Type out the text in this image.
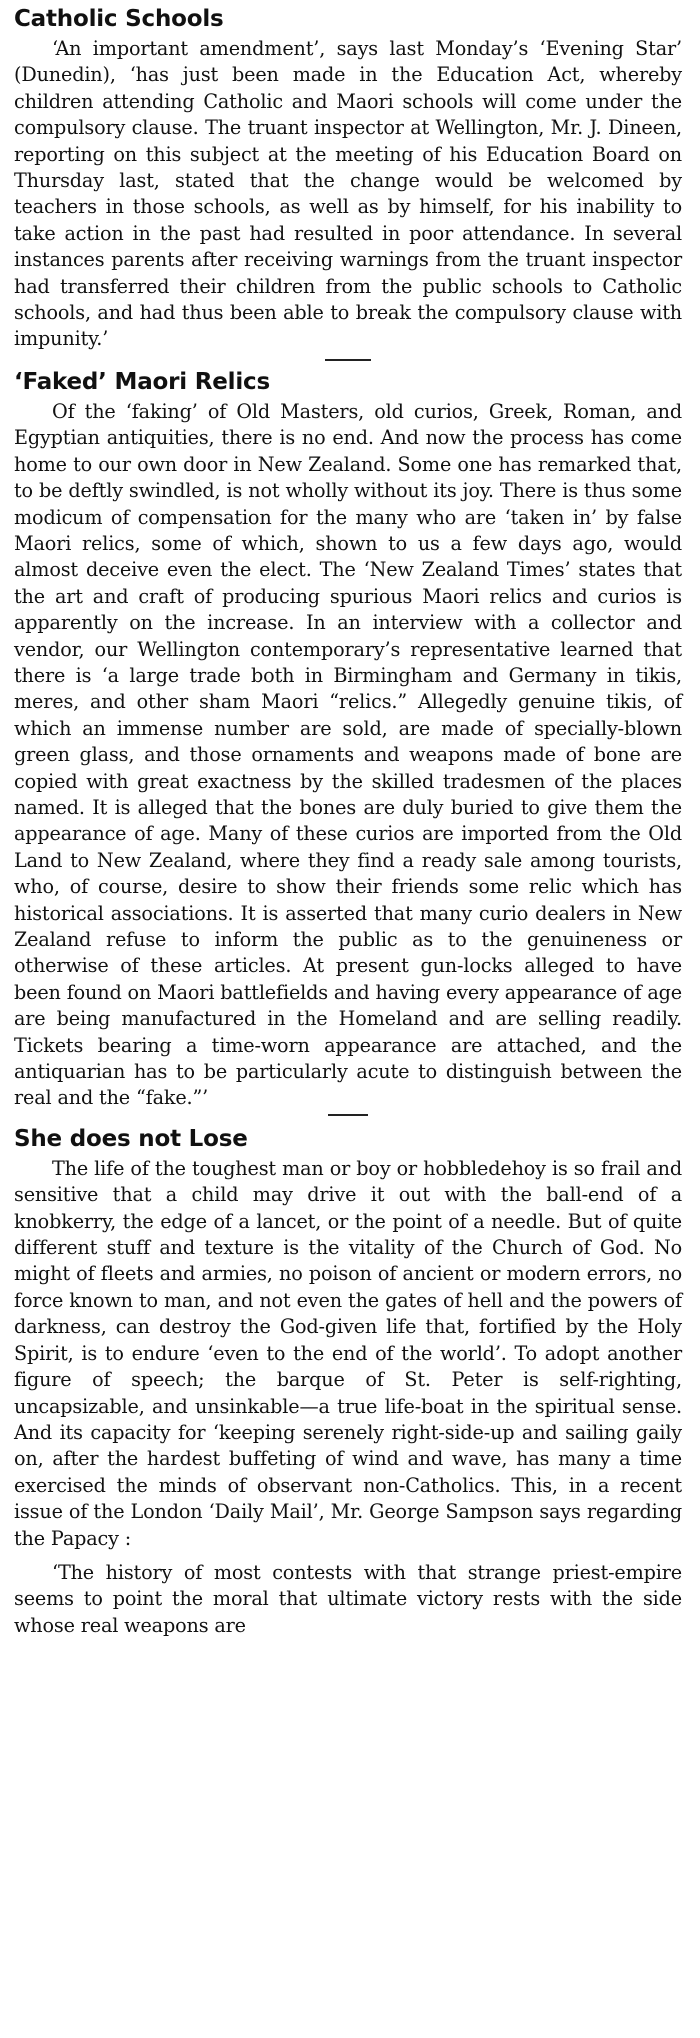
Catholic Schools

‘An important amendment’, says last Monday’s ‘Evening Star’ (Dunedin), ‘has just been made in the Education Act, whereby children attending Catholic and Maori schools will come under the compulsory clause. The truant inspector at Wellington, Mr. J. Dineen, reporting on this subject at the meeting of his Education Board on Thursday last, stated that the change would be welcomed by teachers in those schools, as well as by himself, for his inability to take action in the past had resulted in poor attendance. In several instances parents after receiving warnings from the truant inspector had transferred their children from the public schools to Catholic schools, and had thus been able to break the compulsory clause with impunity.’

‘Faked’ Maori Relics

Of the ‘faking’ of Old Masters, old curios, Greek, Roman, and Egyptian antiquities, there is no end. And now the process has come home to our own door in New Zealand. Some one has remarked that, to be deftly swindled, is not wholly without its joy. There is thus some modicum of compensation for the many who are ‘taken in’ by false Maori relics, some of which, shown to us a few days ago, would almost deceive even the elect. The ‘New Zealand Times’ states that the art and craft of producing spurious Maori relics and curios is apparently on the increase. In an interview with a collector and vendor, our Wellington contemporary’s representative learned that there is ‘a large trade both in Birmingham and Germany in tikis, meres, and other sham Maori “relics.” Allegedly genuine tikis, of which an immense number are sold, are made of specially-blown green glass, and those ornaments and weapons made of bone are copied with great exactness by the skilled tradesmen of the places named. It is alleged that the bones are duly buried to give them the appearance of age. Many of these curios are imported from the Old Land to New Zealand, where they find a ready sale among tourists, who, of course, desire to show their friends some relic which has historical associations. It is asserted that many curio dealers in New Zealand refuse to inform the public as to the genuineness or otherwise of these articles. At present gun-locks alleged to have been found on Maori battlefields and having every appearance of age are being manufactured in the Homeland and are selling readily. Tickets bearing a time-worn appearance are attached, and the antiquarian has to be particularly acute to distinguish between the real and the “fake.”’

She does not Lose

The life of the toughest man or boy or hobbledehoy is so frail and sensitive that a child may drive it out with the ball-end of a knobkerry, the edge of a lancet, or the point of a needle. But of quite different stuff and texture is the vitality of the Church of God. No might of fleets and armies, no poison of ancient or modern errors, no force known to man, and not even the gates of hell and the powers of darkness, can destroy the God-given life that, fortified by the Holy Spirit, is to endure ‘even to the end of the world’. To adopt another figure of speech; the barque of St. Peter is self-righting, uncapsizable, and unsinkable—a true life-boat in the spiritual sense. And its capacity for ‘keeping serenely right-side-up and sailing gaily on, after the hardest buffeting of wind and wave, has many a time exercised the minds of observant non-Catholics. This, in a recent issue of the London ‘Daily Mail’, Mr. George Sampson says regarding the Papacy :

‘The history of most contests with that strange priest-empire seems to point the moral that ultimate victory rests with the side whose real weapons are
